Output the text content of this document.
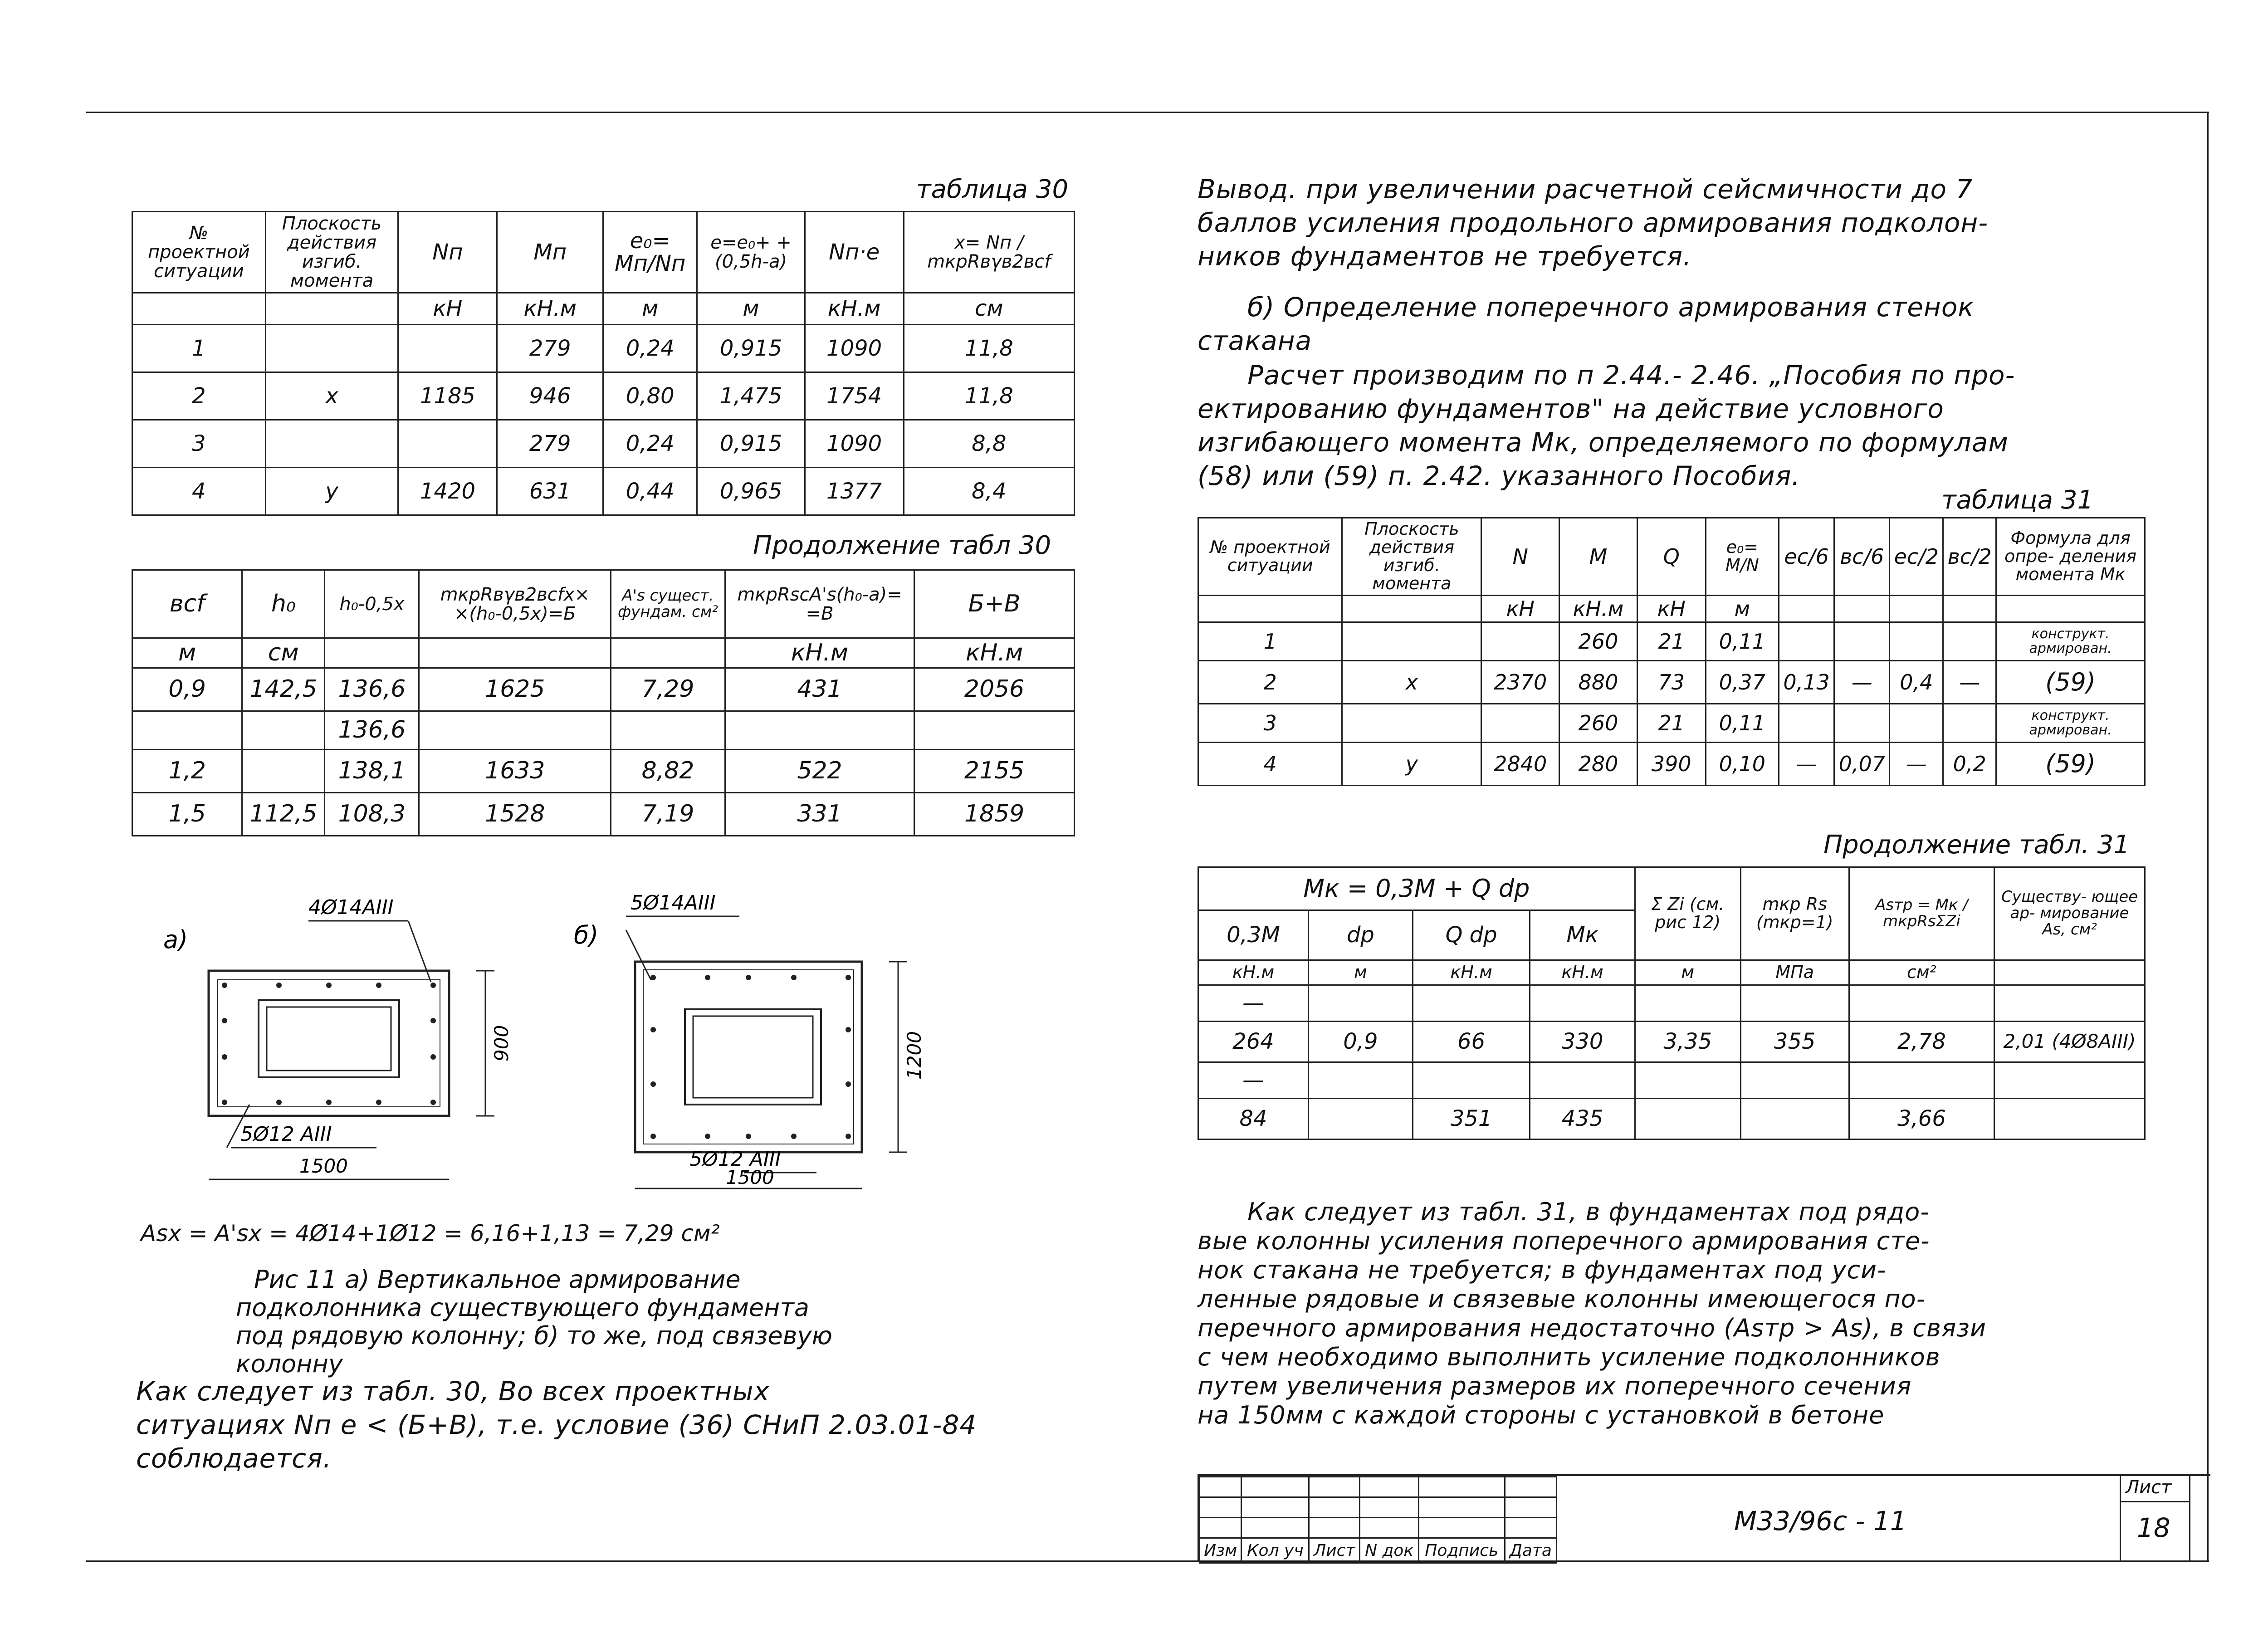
таблица 30
№ проектной ситуации	Плоскость действия изгиб. момента	Nп	Mп	e₀= Mп/Nп	e=e₀+ +(0,5h-a)	Nп·e	x= Nп / mкрRвγв2вcf
		кН	кН.м	м	м	кН.м	см
1			279	0,24	0,915	1090	11,8
2	x	1185	946	0,80	1,475	1754	11,8
3			279	0,24	0,915	1090	8,8
4	y	1420	631	0,44	0,965	1377	8,4
Продолжение табл 30
вcf	h₀	h₀-0,5x	mкрRвγв2вcfx× ×(h₀-0,5x)=Б	A's сущест. фундам. см²	mкрRscA's(h₀-a)= =B	Б+B
м	см				кН.м	кН.м
0,9	142,5	136,6	1625	7,29	431	2056
		136,6				
1,2		138,1	1633	8,82	522	2155
1,5	112,5	108,3	1528	7,19	331	1859
а)
4Ø14АIII
5Ø12 АIII
1500
900
б)
5Ø14АIII
5Ø12 АIII
1500
1200
Asx = A'sx = 4Ø14+1Ø12 = 6,16+1,13 = 7,29 см²
Рис 11 а) Вертикальное армирование
подколонника существующего фундамента
под рядовую колонну; б) то же, под связевую
колонну
Как следует из табл. 30, Во всех проектных
ситуациях Nп e < (Б+B), т.е. условие (36) СНиП 2.03.01-84
соблюдается.
Вывод. при увеличении расчетной сейсмичности до 7
баллов усиления продольного армирования подколон-
ников фундаментов не требуется.
б) Определение поперечного армирования стенок
стакана
Расчет производим по п 2.44.- 2.46. „Пособия по про-
ектированию фундаментов" на действие условного
изгибающего момента Mк, определяемого по формулам
(58) или (59) п. 2.42. указанного Пособия.
таблица 31
№ проектной ситуации	Плоскость действия изгиб. момента	N	M	Q	e₀= M/N	ec/6	вc/6	ec/2	вc/2	Формула для опре- деления момента Mк
		кН	кН.м	кН	м					
1			260	21	0,11					конструкт. армирован.
2	x	2370	880	73	0,37	0,13	—	0,4	—	(59)
3			260	21	0,11					конструкт. армирован.
4	y	2840	280	390	0,10	—	0,07	—	0,2	(59)
Продолжение табл. 31
Mк = 0,3M + Q dp				Σ Zi (см. рис 12)	mкр Rs (mкр=1)	Asтр = Mк / mкрRsΣZi	Существу- ющее ар- мирование As, см²
0,3M	dp	Q dp	Mк				
кН.м	м	кН.м	кН.м	м	МПа	см²	
—							
264	0,9	66	330	3,35	355	2,78	2,01 (4Ø8АIII)
—							
84		351	435			3,66	
Как следует из табл. 31, в фундаментах под рядо-
вые колонны усиления поперечного армирования сте-
нок стакана не требуется; в фундаментах под уси-
ленные рядовые и связевые колонны имеющегося по-
перечного армирования недостаточно (Asтр > As), в связи
с чем необходимо выполнить усиление подколонников
путем увеличения размеров их поперечного сечения
на 150мм с каждой стороны с установкой в бетоне

Изм	Кол уч	Лист	N док	Подпись	Дата
М33/96с - 11
Лист
18
